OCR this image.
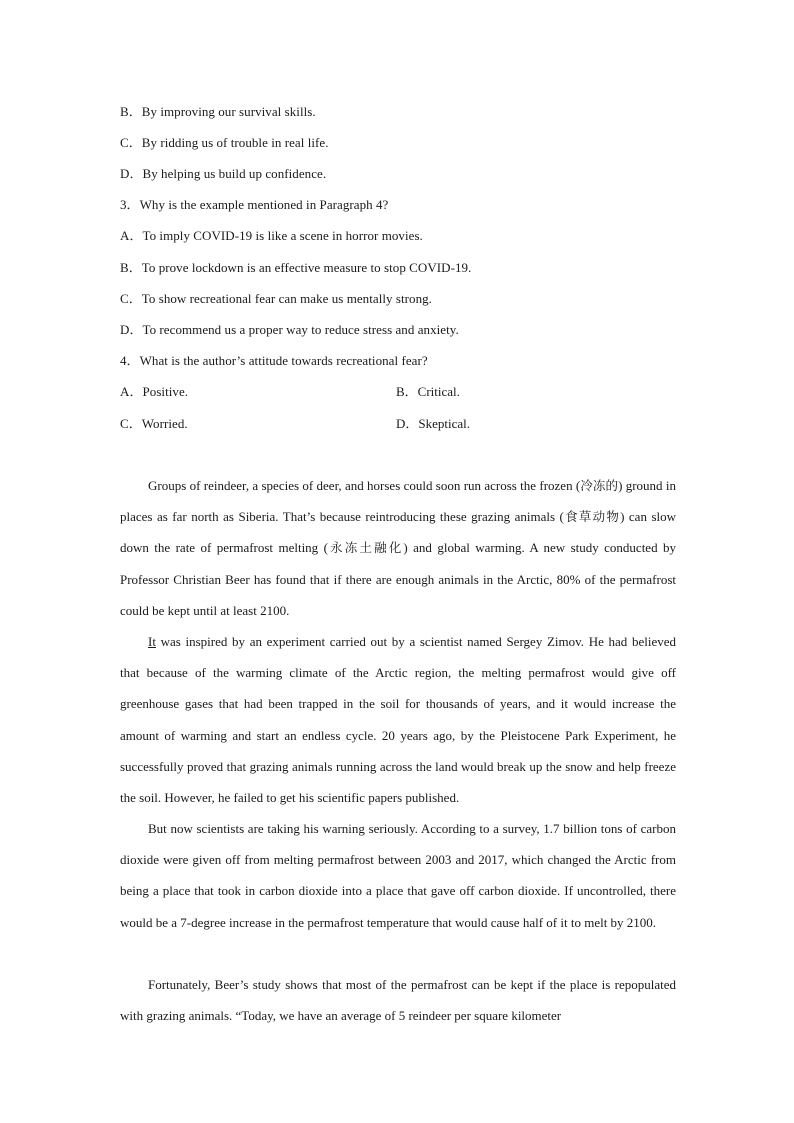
B．By improving our survival skills.
C．By ridding us of trouble in real life.
D．By helping us build up confidence.
3．Why is the example mentioned in Paragraph 4?
A．To imply COVID-19 is like a scene in horror movies.
B．To prove lockdown is an effective measure to stop COVID-19.
C．To show recreational fear can make us mentally strong.
D．To recommend us a proper way to reduce stress and anxiety.
4．What is the author’s attitude towards recreational fear?
A．Positive.	B．Critical.
C．Worried.	D．Skeptical.

Groups of reindeer, a species of deer, and horses could soon run across the frozen (冷冻的) ground in places as far north as Siberia. That’s because reintroducing these grazing animals (食草动物) can slow down the rate of permafrost melting (永冻土融化) and global warming. A new study conducted by Professor Christian Beer has found that if there are enough animals in the Arctic, 80% of the permafrost could be kept until at least 2100.

It was inspired by an experiment carried out by a scientist named Sergey Zimov. He had believed that because of the warming climate of the Arctic region, the melting permafrost would give off greenhouse gases that had been trapped in the soil for thousands of years, and it would increase the amount of warming and start an endless cycle. 20 years ago, by the Pleistocene Park Experiment, he successfully proved that grazing animals running across the land would break up the snow and help freeze the soil. However, he failed to get his scientific papers published.

But now scientists are taking his warning seriously. According to a survey, 1.7 billion tons of carbon dioxide were given off from melting permafrost between 2003 and 2017, which changed the Arctic from being a place that took in carbon dioxide into a place that gave off carbon dioxide. If uncontrolled, there would be a 7-degree increase in the permafrost temperature that would cause half of it to melt by 2100.

Fortunately, Beer’s study shows that most of the permafrost can be kept if the place is repopulated with grazing animals. “Today, we have an average of 5 reindeer per square kilometer
